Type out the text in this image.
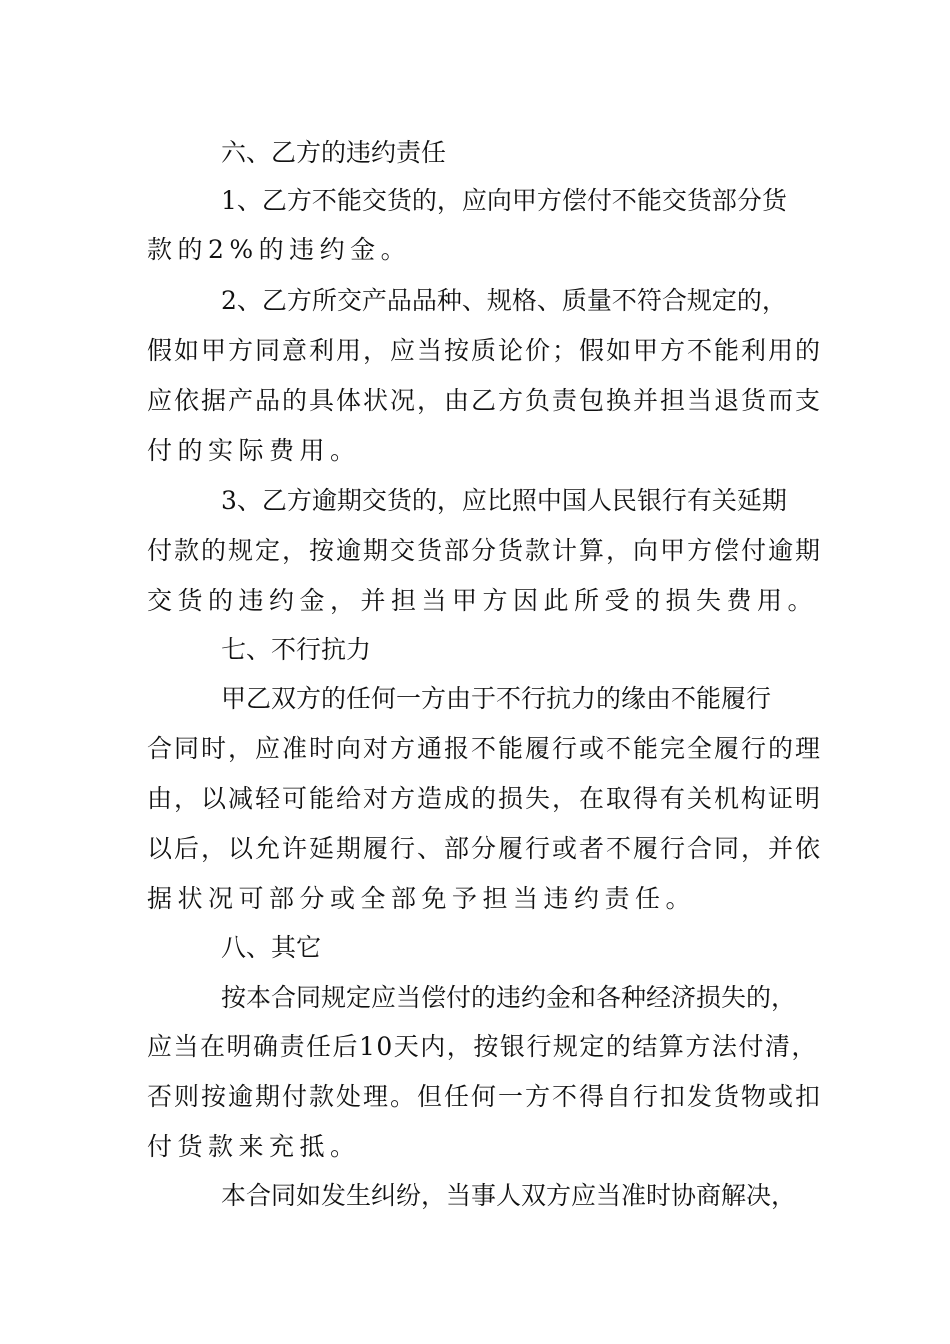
六、乙方的违约责任
1、乙方不能交货的，应向甲方偿付不能交货部分货
款的2%的违约金。
2、乙方所交产品品种、规格、质量不符合规定的，
假如甲方同意利用，应当按质论价；假如甲方不能利用的
应依据产品的具体状况，由乙方负责包换并担当退货而支
付的实际费用。
3、乙方逾期交货的，应比照中国人民银行有关延期
付款的规定，按逾期交货部分货款计算，向甲方偿付逾期
交货的违约金，并担当甲方因此所受的损失费用。
七、不行抗力
甲乙双方的任何一方由于不行抗力的缘由不能履行
合同时，应准时向对方通报不能履行或不能完全履行的理
由，以减轻可能给对方造成的损失，在取得有关机构证明
以后，以允许延期履行、部分履行或者不履行合同，并依
据状况可部分或全部免予担当违约责任。
八、其它
按本合同规定应当偿付的违约金和各种经济损失的，
应当在明确责任后10天内，按银行规定的结算方法付清，
否则按逾期付款处理。但任何一方不得自行扣发货物或扣
付货款来充抵。
本合同如发生纠纷，当事人双方应当准时协商解决，
